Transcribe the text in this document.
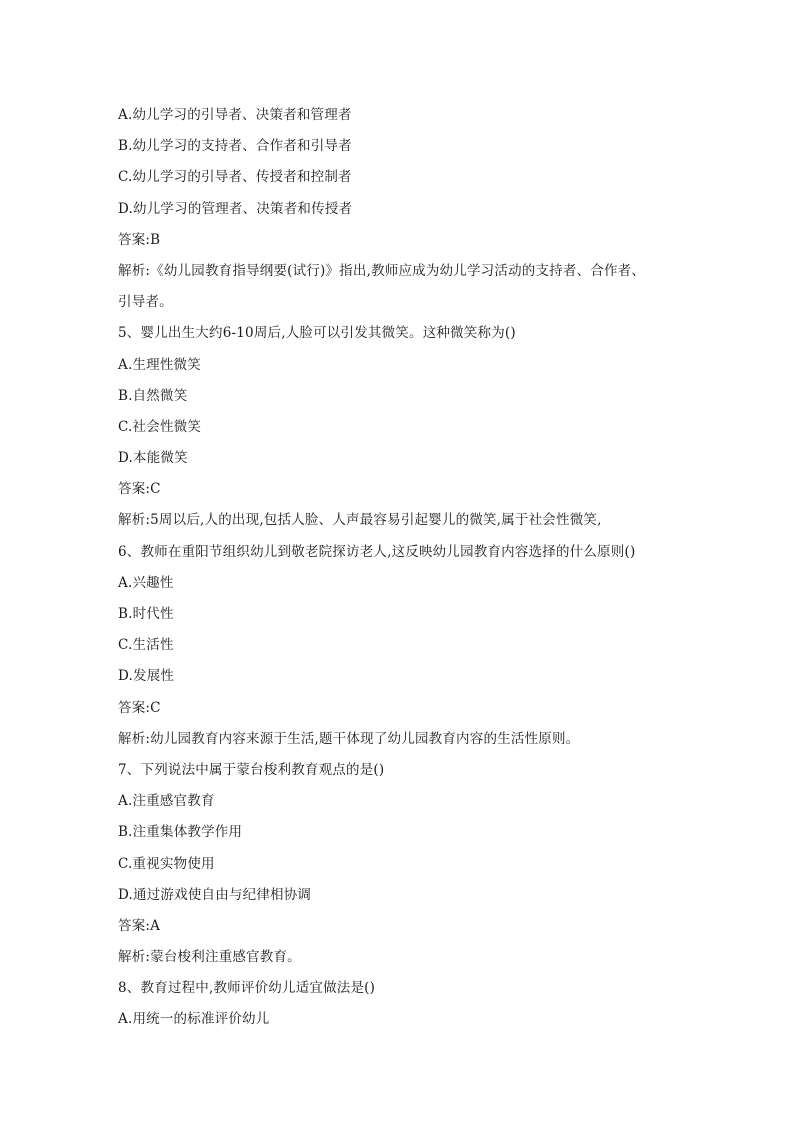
A.幼儿学习的引导者、决策者和管理者
B.幼儿学习的支持者、合作者和引导者
C.幼儿学习的引导者、传授者和控制者
D.幼儿学习的管理者、决策者和传授者
答案:B
解析:《幼儿园教育指导纲要(试行)》指出,教师应成为幼儿学习活动的支持者、合作者、
引导者。
5、婴儿出生大约6-10周后,人脸可以引发其微笑。这种微笑称为()
A.生理性微笑
B.自然微笑
C.社会性微笑
D.本能微笑
答案:C
解析:5周以后,人的出现,包括人脸、人声最容易引起婴儿的微笑,属于社会性微笑,
6、教师在重阳节组织幼儿到敬老院探访老人,这反映幼儿园教育内容选择的什么原则()
A.兴趣性
B.时代性
C.生活性
D.发展性
答案:C
解析:幼儿园教育内容来源于生活,题干体现了幼儿园教育内容的生活性原则。
7、下列说法中属于蒙台梭利教育观点的是()
A.注重感官教育
B.注重集体教学作用
C.重视实物使用
D.通过游戏使自由与纪律相协调
答案:A
解析:蒙台梭利注重感官教育。
8、教育过程中,教师评价幼儿适宜做法是()
A.用统一的标准评价幼儿
